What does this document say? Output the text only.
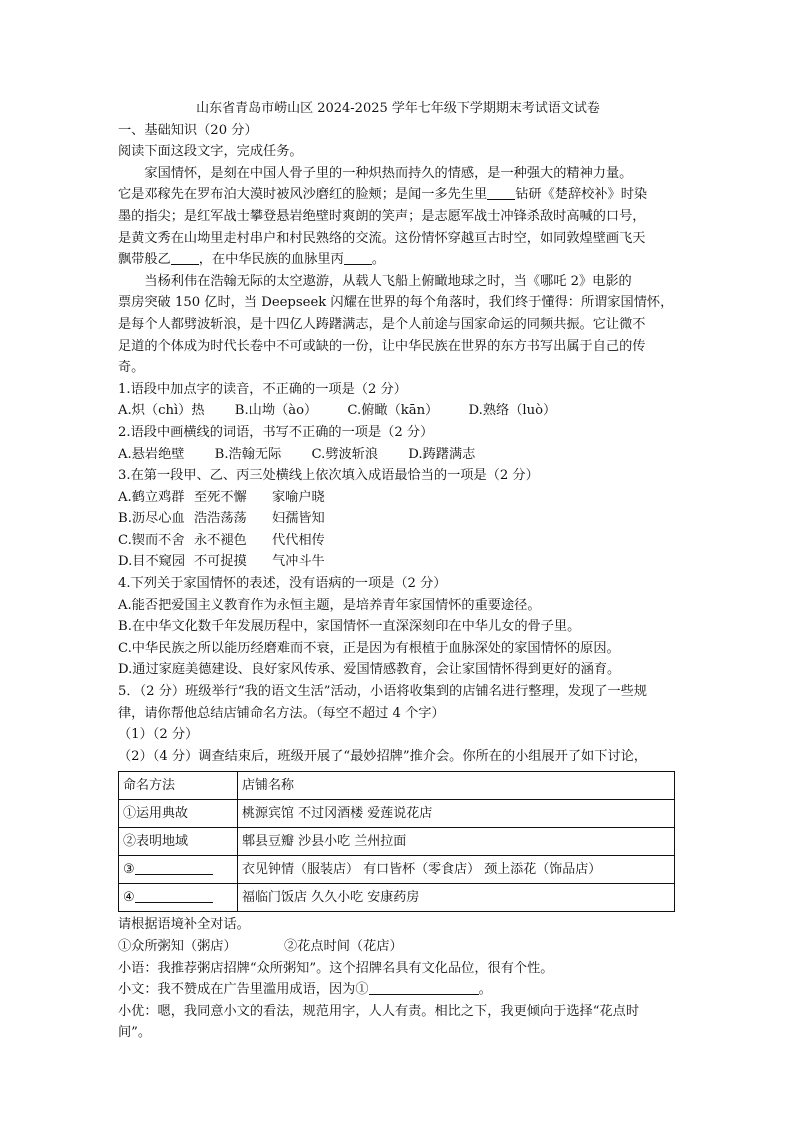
山东省青岛市崂山区 2024-2025 学年七年级下学期期末考试语文试卷
一、基础知识（20 分）
阅读下面这段文字，完成任务。
家国情怀，是刻在中国人骨子里的一种炽热而持久的情感，是一种强大的精神力量。
它是邓稼先在罗布泊大漠时被风沙磨红的脸颊；是闻一多先生里 钻研《楚辞校补》时染
墨的指尖；是红军战士攀登悬岩绝壁时爽朗的笑声；是志愿军战士冲锋杀敌时高喊的口号，
是黄文秀在山坳里走村串户和村民熟络的交流。这份情怀穿越亘古时空，如同敦煌壁画飞天
飘带般乙 ，在中华民族的血脉里丙 。
当杨利伟在浩翰无际的太空遨游，从载人飞船上俯瞰地球之时，当《哪吒 2》电影的
票房突破 150 亿时，当 Deepseek 闪耀在世界的每个角落时，我们终于懂得：所谓家国情怀，
是每个人都劈波斩浪，是十四亿人踌躇满志，是个人前途与国家命运的同频共振。它让微不
足道的个体成为时代长卷中不可或缺的一份，让中华民族在世界的东方书写出属于自己的传
奇。
1.语段中加点字的读音，不正确的一项是（2 分）
A.炽（chì）热 B.山坳（ào） C.俯瞰（kān） D.熟络（luò）
2.语段中画横线的词语，书写不正确的一项是（2 分）
A.悬岩绝壁 B.浩翰无际 C.劈波斩浪 D.踌躇满志
3.在第一段甲、乙、丙三处横线上依次填入成语最恰当的一项是（2 分）
A.鹤立鸡群 至死不懈 家喻户晓
B.沥尽心血 浩浩荡荡 妇孺皆知
C.锲而不舍 永不褪色 代代相传
D.目不窥园 不可捉摸 气冲斗牛
4.下列关于家国情怀的表述，没有语病的一项是（2 分）
A.能否把爱国主义教育作为永恒主题，是培养青年家国情怀的重要途径。
B.在中华文化数千年发展历程中，家国情怀一直深深刻印在中华儿女的骨子里。
C.中华民族之所以能历经磨难而不衰，正是因为有根植于血脉深处的家国情怀的原因。
D.通过家庭美德建设、良好家风传承、爱国情感教育，会让家国情怀得到更好的涵育。
5．（2 分）班级举行“我的语文生活”活动，小语将收集到的店铺名进行整理，发现了一些规
律，请你帮他总结店铺命名方法。（每空不超过 4 个字）
（1）（2 分）
（2）（4 分）调查结束后，班级开展了“最妙招牌”推介会。你所在的小组展开了如下讨论，
命名方法	店铺名称
①运用典故	桃源宾馆 不过冈酒楼 爱莲说花店
②表明地域	郫县豆瓣 沙县小吃 兰州拉面
③	衣见钟情（服装店） 有口皆杯（零食店） 颈上添花（饰品店）
④	福临门饭店 久久小吃 安康药房
请根据语境补全对话。
①众所粥知（粥店）	②花点时间（花店）
小语：我推荐粥店招牌“众所粥知”。这个招牌名具有文化品位，很有个性。
小文：我不赞成在广告里滥用成语，因为①	。
小优：嗯，我同意小文的看法，规范用字，人人有责。相比之下，我更倾向于选择“花点时
间”。
